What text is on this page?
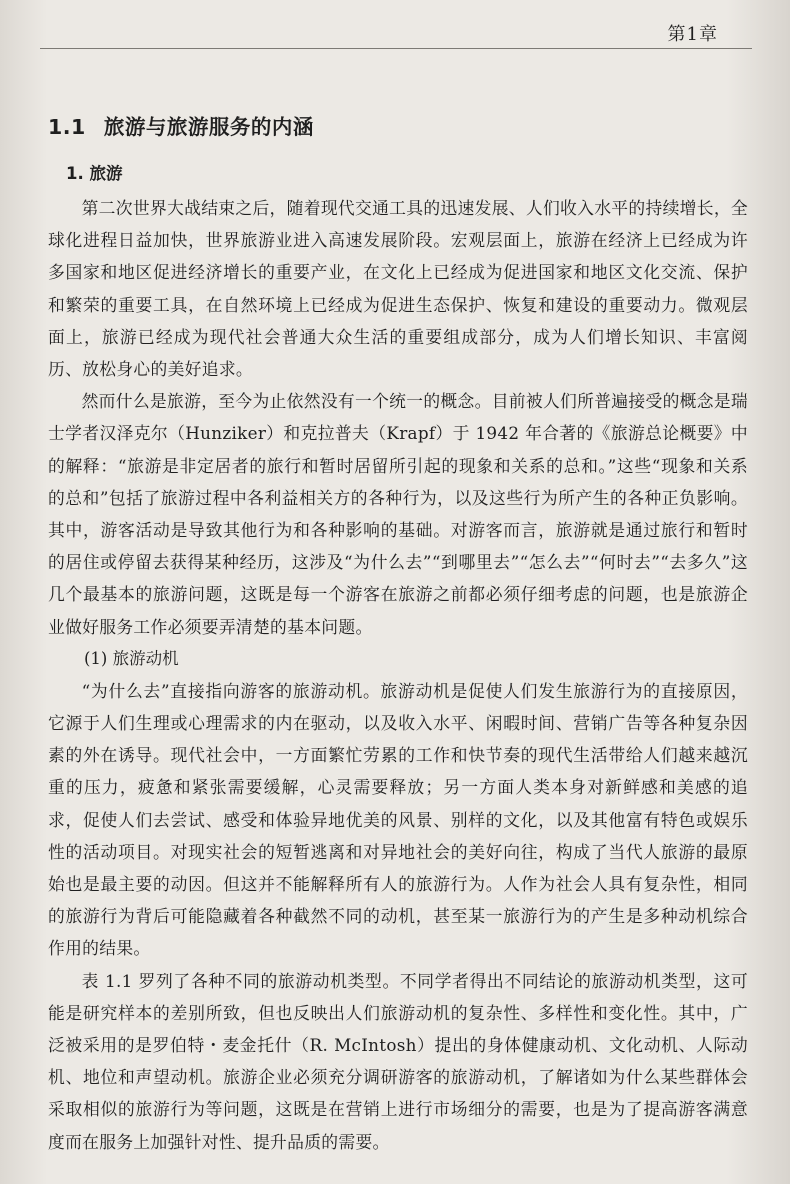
第1章
1.1 旅游与旅游服务的内涵
1. 旅游

第二次世界大战结束之后，随着现代交通工具的迅速发展、人们收入水平的持续增长，全球化进程日益加快，世界旅游业进入高速发展阶段。宏观层面上，旅游在经济上已经成为许多国家和地区促进经济增长的重要产业，在文化上已经成为促进国家和地区文化交流、保护和繁荣的重要工具，在自然环境上已经成为促进生态保护、恢复和建设的重要动力。微观层面上，旅游已经成为现代社会普通大众生活的重要组成部分，成为人们增长知识、丰富阅历、放松身心的美好追求。

然而什么是旅游，至今为止依然没有一个统一的概念。目前被人们所普遍接受的概念是瑞士学者汉泽克尔（Hunziker）和克拉普夫（Krapf）于 1942 年合著的《旅游总论概要》中的解释：“旅游是非定居者的旅行和暂时居留所引起的现象和关系的总和。”这些“现象和关系的总和”包括了旅游过程中各利益相关方的各种行为，以及这些行为所产生的各种正负影响。其中，游客活动是导致其他行为和各种影响的基础。对游客而言，旅游就是通过旅行和暂时的居住或停留去获得某种经历，这涉及“为什么去”“到哪里去”“怎么去”“何时去”“去多久”这几个最基本的旅游问题，这既是每一个游客在旅游之前都必须仔细考虑的问题，也是旅游企业做好服务工作必须要弄清楚的基本问题。

(1) 旅游动机

“为什么去”直接指向游客的旅游动机。旅游动机是促使人们发生旅游行为的直接原因，它源于人们生理或心理需求的内在驱动，以及收入水平、闲暇时间、营销广告等各种复杂因素的外在诱导。现代社会中，一方面繁忙劳累的工作和快节奏的现代生活带给人们越来越沉重的压力，疲惫和紧张需要缓解，心灵需要释放；另一方面人类本身对新鲜感和美感的追求，促使人们去尝试、感受和体验异地优美的风景、别样的文化，以及其他富有特色或娱乐性的活动项目。对现实社会的短暂逃离和对异地社会的美好向往，构成了当代人旅游的最原始也是最主要的动因。但这并不能解释所有人的旅游行为。人作为社会人具有复杂性，相同的旅游行为背后可能隐藏着各种截然不同的动机，甚至某一旅游行为的产生是多种动机综合作用的结果。

表 1.1 罗列了各种不同的旅游动机类型。不同学者得出不同结论的旅游动机类型，这可能是研究样本的差别所致，但也反映出人们旅游动机的复杂性、多样性和变化性。其中，广泛被采用的是罗伯特・麦金托什（R. McIntosh）提出的身体健康动机、文化动机、人际动机、地位和声望动机。旅游企业必须充分调研游客的旅游动机，了解诸如为什么某些群体会采取相似的旅游行为等问题，这既是在营销上进行市场细分的需要，也是为了提高游客满意度而在服务上加强针对性、提升品质的需要。
